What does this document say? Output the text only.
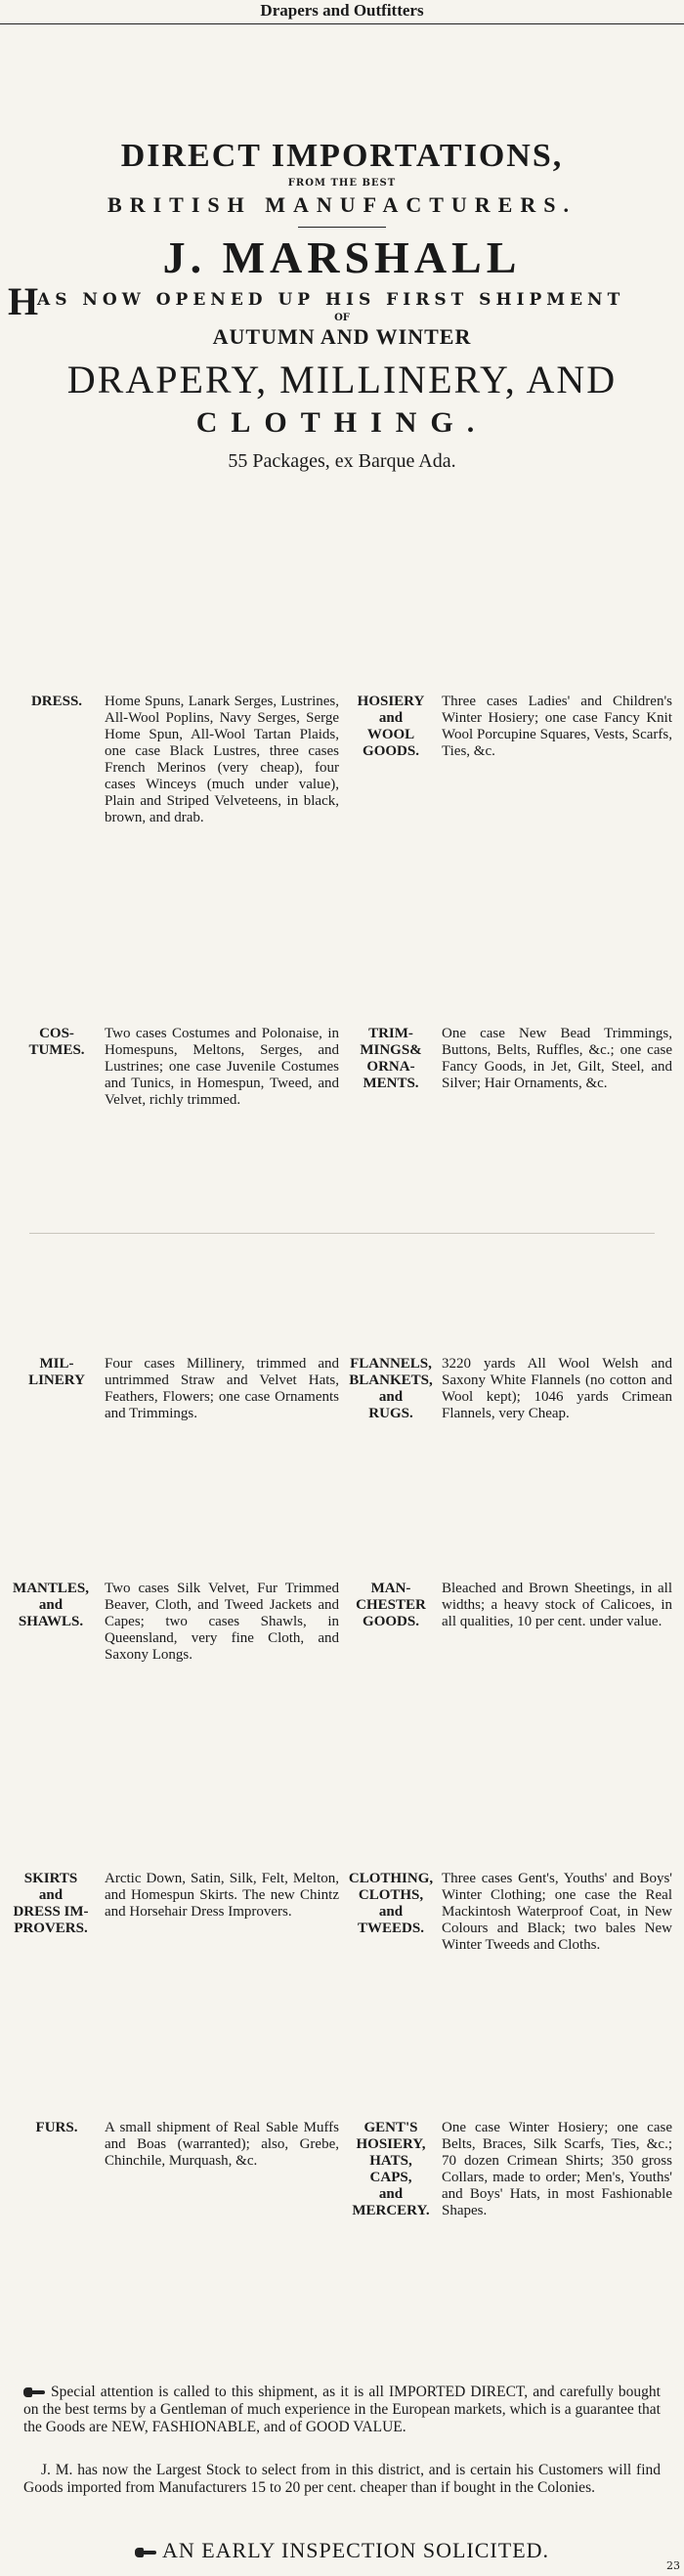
Drapers and Outfitters
DIRECT IMPORTATIONS,
FROM THE BEST
BRITISH MANUFACTURERS.
J. MARSHALL
H
AS NOW OPENED UP HIS FIRST SHIPMENT
OF
AUTUMN AND WINTER
DRAPERY, MILLINERY, AND
CLOTHING.
55 Packages, ex Barque Ada.
DRESS.	Home Spuns, Lanark Serges, Lustrines, All-Wool Poplins, Navy Serges, Serge Home Spun, All-Wool Tartan Plaids, one case Black Lustres, three cases French Merinos (very cheap), four cases Winceys (much under value), Plain and Striped Velveteens, in black, brown, and drab.
HOSIERY
and
WOOL
GOODS.
Three cases Ladies' and Children's Winter Hosiery; one case Fancy Knit Wool Porcupine Squares, Vests, Scarfs, Ties, &c.
COS-
TUMES.
Two cases Costumes and Polonaise, in Homespuns, Meltons, Serges, and Lustrines; one case Juvenile Costumes and Tunics, in Homespun, Tweed, and Velvet, richly trimmed.
TRIM-
MINGS&
ORNA-
MENTS.
One case New Bead Trimmings, Buttons, Belts, Ruffles, &c.; one case Fancy Goods, in Jet, Gilt, Steel, and Silver; Hair Ornaments, &c.
MIL-
LINERY
Four cases Millinery, trimmed and untrimmed Straw and Velvet Hats, Feathers, Flowers; one case Ornaments and Trimmings.
FLANNELS,
BLANKETS,
and
RUGS.
3220 yards All Wool Welsh and Saxony White Flannels (no cotton and Wool kept); 1046 yards Crimean Flannels, very Cheap.
MANTLES,
and
SHAWLS.
Two cases Silk Velvet, Fur Trimmed Beaver, Cloth, and Tweed Jackets and Capes; two cases Shawls, in Queensland, very fine Cloth, and Saxony Longs.
MAN-
CHESTER
GOODS.
Bleached and Brown Sheetings, in all widths; a heavy stock of Calicoes, in all qualities, 10 per cent. under value.
SKIRTS
and
DRESS IM-
PROVERS.
Arctic Down, Satin, Silk, Felt, Melton, and Homespun Skirts. The new Chintz and Horsehair Dress Improvers.
CLOTHING,
CLOTHS,
and
TWEEDS.
Three cases Gent's, Youths' and Boys' Winter Clothing; one case the Real Mackintosh Waterproof Coat, in New Colours and Black; two bales New Winter Tweeds and Cloths.
FURS.	A small shipment of Real Sable Muffs and Boas (warranted); also, Grebe, Chinchile, Murquash, &c.
GENT'S
HOSIERY,
HATS,
CAPS,
and
MERCERY.
One case Winter Hosiery; one case Belts, Braces, Silk Scarfs, Ties, &c.; 70 dozen Crimean Shirts; 350 gross Collars, made to order; Men's, Youths' and Boys' Hats, in most Fashionable Shapes.
Special attention is called to this shipment, as it is all IMPORTED DIRECT, and carefully bought on the best terms by a Gentleman of much experience in the European markets, which is a guarantee that the Goods are NEW, FASHIONABLE, and of GOOD VALUE.
J. M. has now the Largest Stock to select from in this district, and is certain his Customers will find Goods imported from Manufacturers 15 to 20 per cent. cheaper than if bought in the Colonies.
AN EARLY INSPECTION SOLICITED.
23
